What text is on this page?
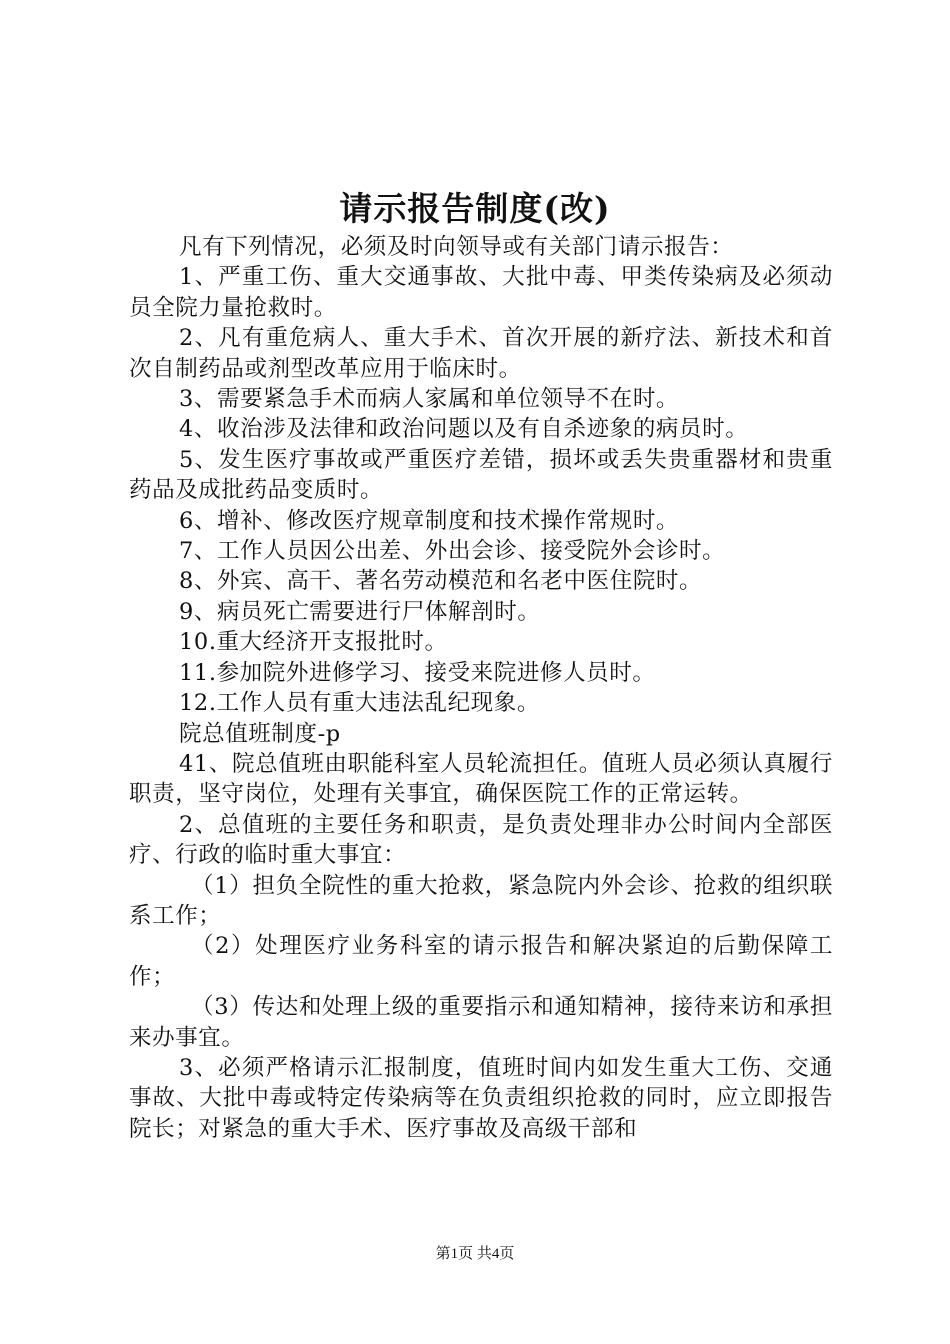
请示报告制度(改)

凡有下列情况，必须及时向领导或有关部门请示报告：

1、严重工伤、重大交通事故、大批中毒、甲类传染病及必须动员全院力量抢救时。

2、凡有重危病人、重大手术、首次开展的新疗法、新技术和首次自制药品或剂型改革应用于临床时。

3、需要紧急手术而病人家属和单位领导不在时。

4、收治涉及法律和政治问题以及有自杀迹象的病员时。

5、发生医疗事故或严重医疗差错，损坏或丢失贵重器材和贵重药品及成批药品变质时。

6、增补、修改医疗规章制度和技术操作常规时。

7、工作人员因公出差、外出会诊、接受院外会诊时。

8、外宾、高干、著名劳动模范和名老中医住院时。

9、病员死亡需要进行尸体解剖时。

10.重大经济开支报批时。

11.参加院外进修学习、接受来院进修人员时。

12.工作人员有重大违法乱纪现象。

院总值班制度-p

41、院总值班由职能科室人员轮流担任。值班人员必须认真履行职责，坚守岗位，处理有关事宜，确保医院工作的正常运转。

2、总值班的主要任务和职责，是负责处理非办公时间内全部医疗、行政的临时重大事宜：

（1）担负全院性的重大抢救，紧急院内外会诊、抢救的组织联系工作；

（2）处理医疗业务科室的请示报告和解决紧迫的后勤保障工作；

（3）传达和处理上级的重要指示和通知精神，接待来访和承担来办事宜。

3、必须严格请示汇报制度，值班时间内如发生重大工伤、交通事故、大批中毒或特定传染病等在负责组织抢救的同时，应立即报告院长；对紧急的重大手术、医疗事故及高级干部和

第1页 共4页
